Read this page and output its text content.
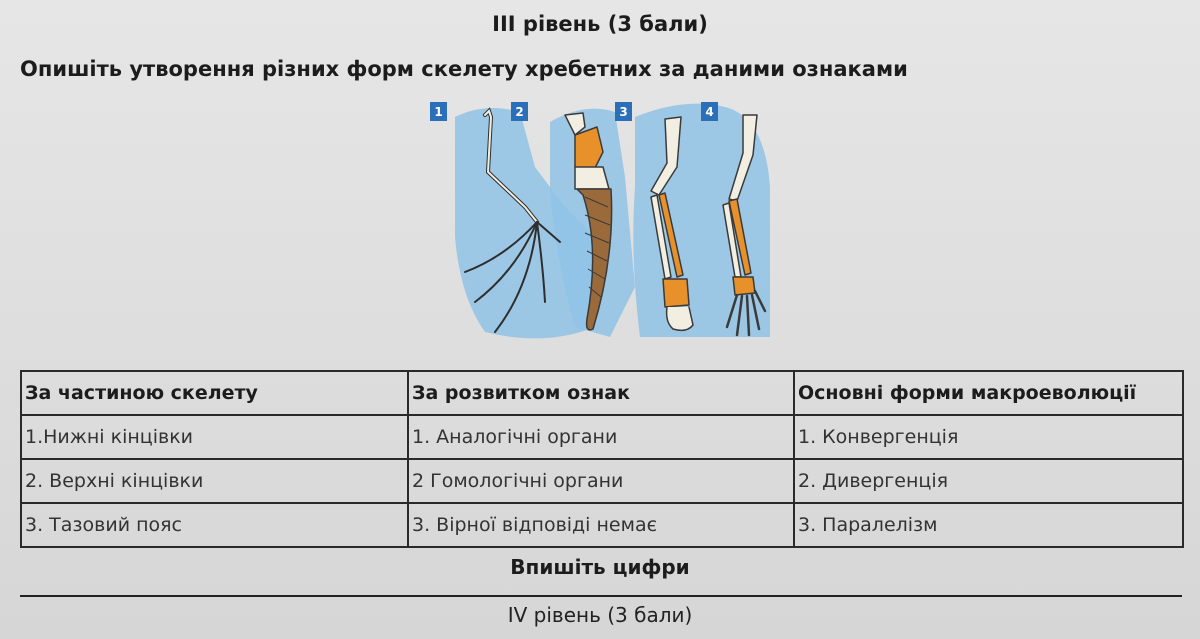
III рівень (3 бали)
Опишіть утворення різних форм скелету хребетних за даними ознаками
1	2	3	4
За частиною скелету	За розвитком ознак	Основні форми макроеволюції
1.Нижні кінцівки	1. Аналогічні органи	1. Конвергенція
2. Верхні кінцівки	2 Гомологічні органи	2. Дивергенція
3. Тазовий пояс	3. Вірної відповіді немає	3. Паралелізм
Впишіть цифри
IV рівень (3 бали)
